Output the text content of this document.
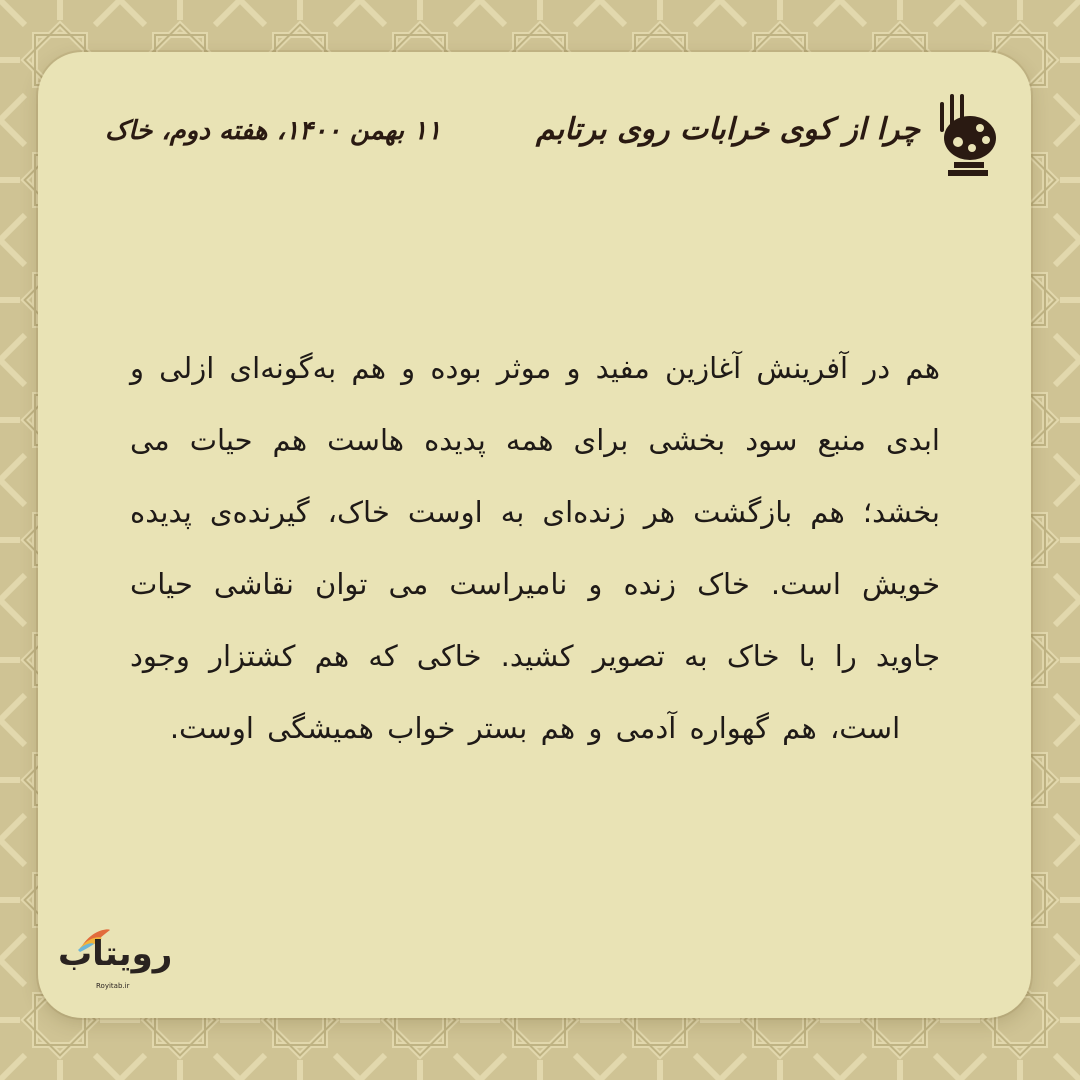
چرا از کوی خرابات روی برتابم
۱۱ بهمن ۱۴۰۰، هفته دوم، خاک
هم در آفرینش آغازین مفید و موثر بوده و هم به‌گونه‌ای ازلی و ابدی منبع سود بخشی برای همه پدیده هاست هم حیات می بخشد؛ هم بازگشت هر زنده‌ای به اوست خاک، گیرنده‌ی پدیده خویش است. خاک زنده و نامیراست می توان نقاشی حیات جاوید را با خاک به تصویر کشید. خاکی که هم کشتزار وجود است، هم گهواره آدمی و هم بستر خواب همیشگی اوست.
رویتاب
Royitab.ir
